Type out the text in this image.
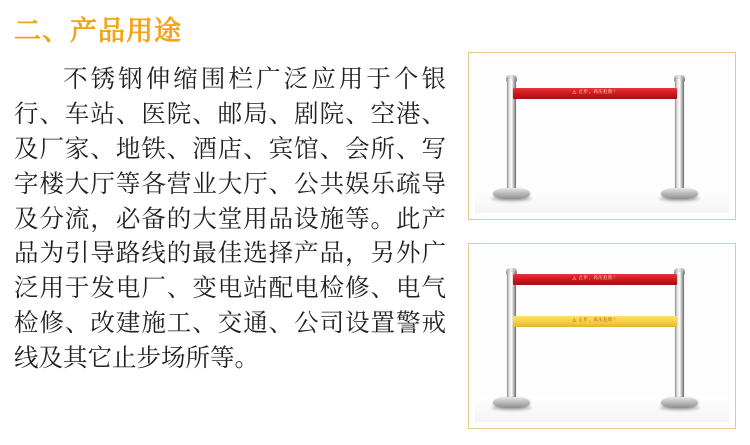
二、产品用途

不锈钢伸缩围栏广泛应用于个银行、车站、医院、邮局、剧院、空港、及厂家、地铁、酒店、宾馆、会所、写字楼大厅等各营业大厅、公共娱乐疏导及分流，必备的大堂用品设施等。此产品为引导路线的最佳选择产品，另外广泛用于发电厂、变电站配电检修、电气检修、改建施工、交通、公司设置警戒线及其它止步场所等。

⚠ 止步，高压危险！
⚠ 止步，高压危险！
⚠ 止步，高压危险！
